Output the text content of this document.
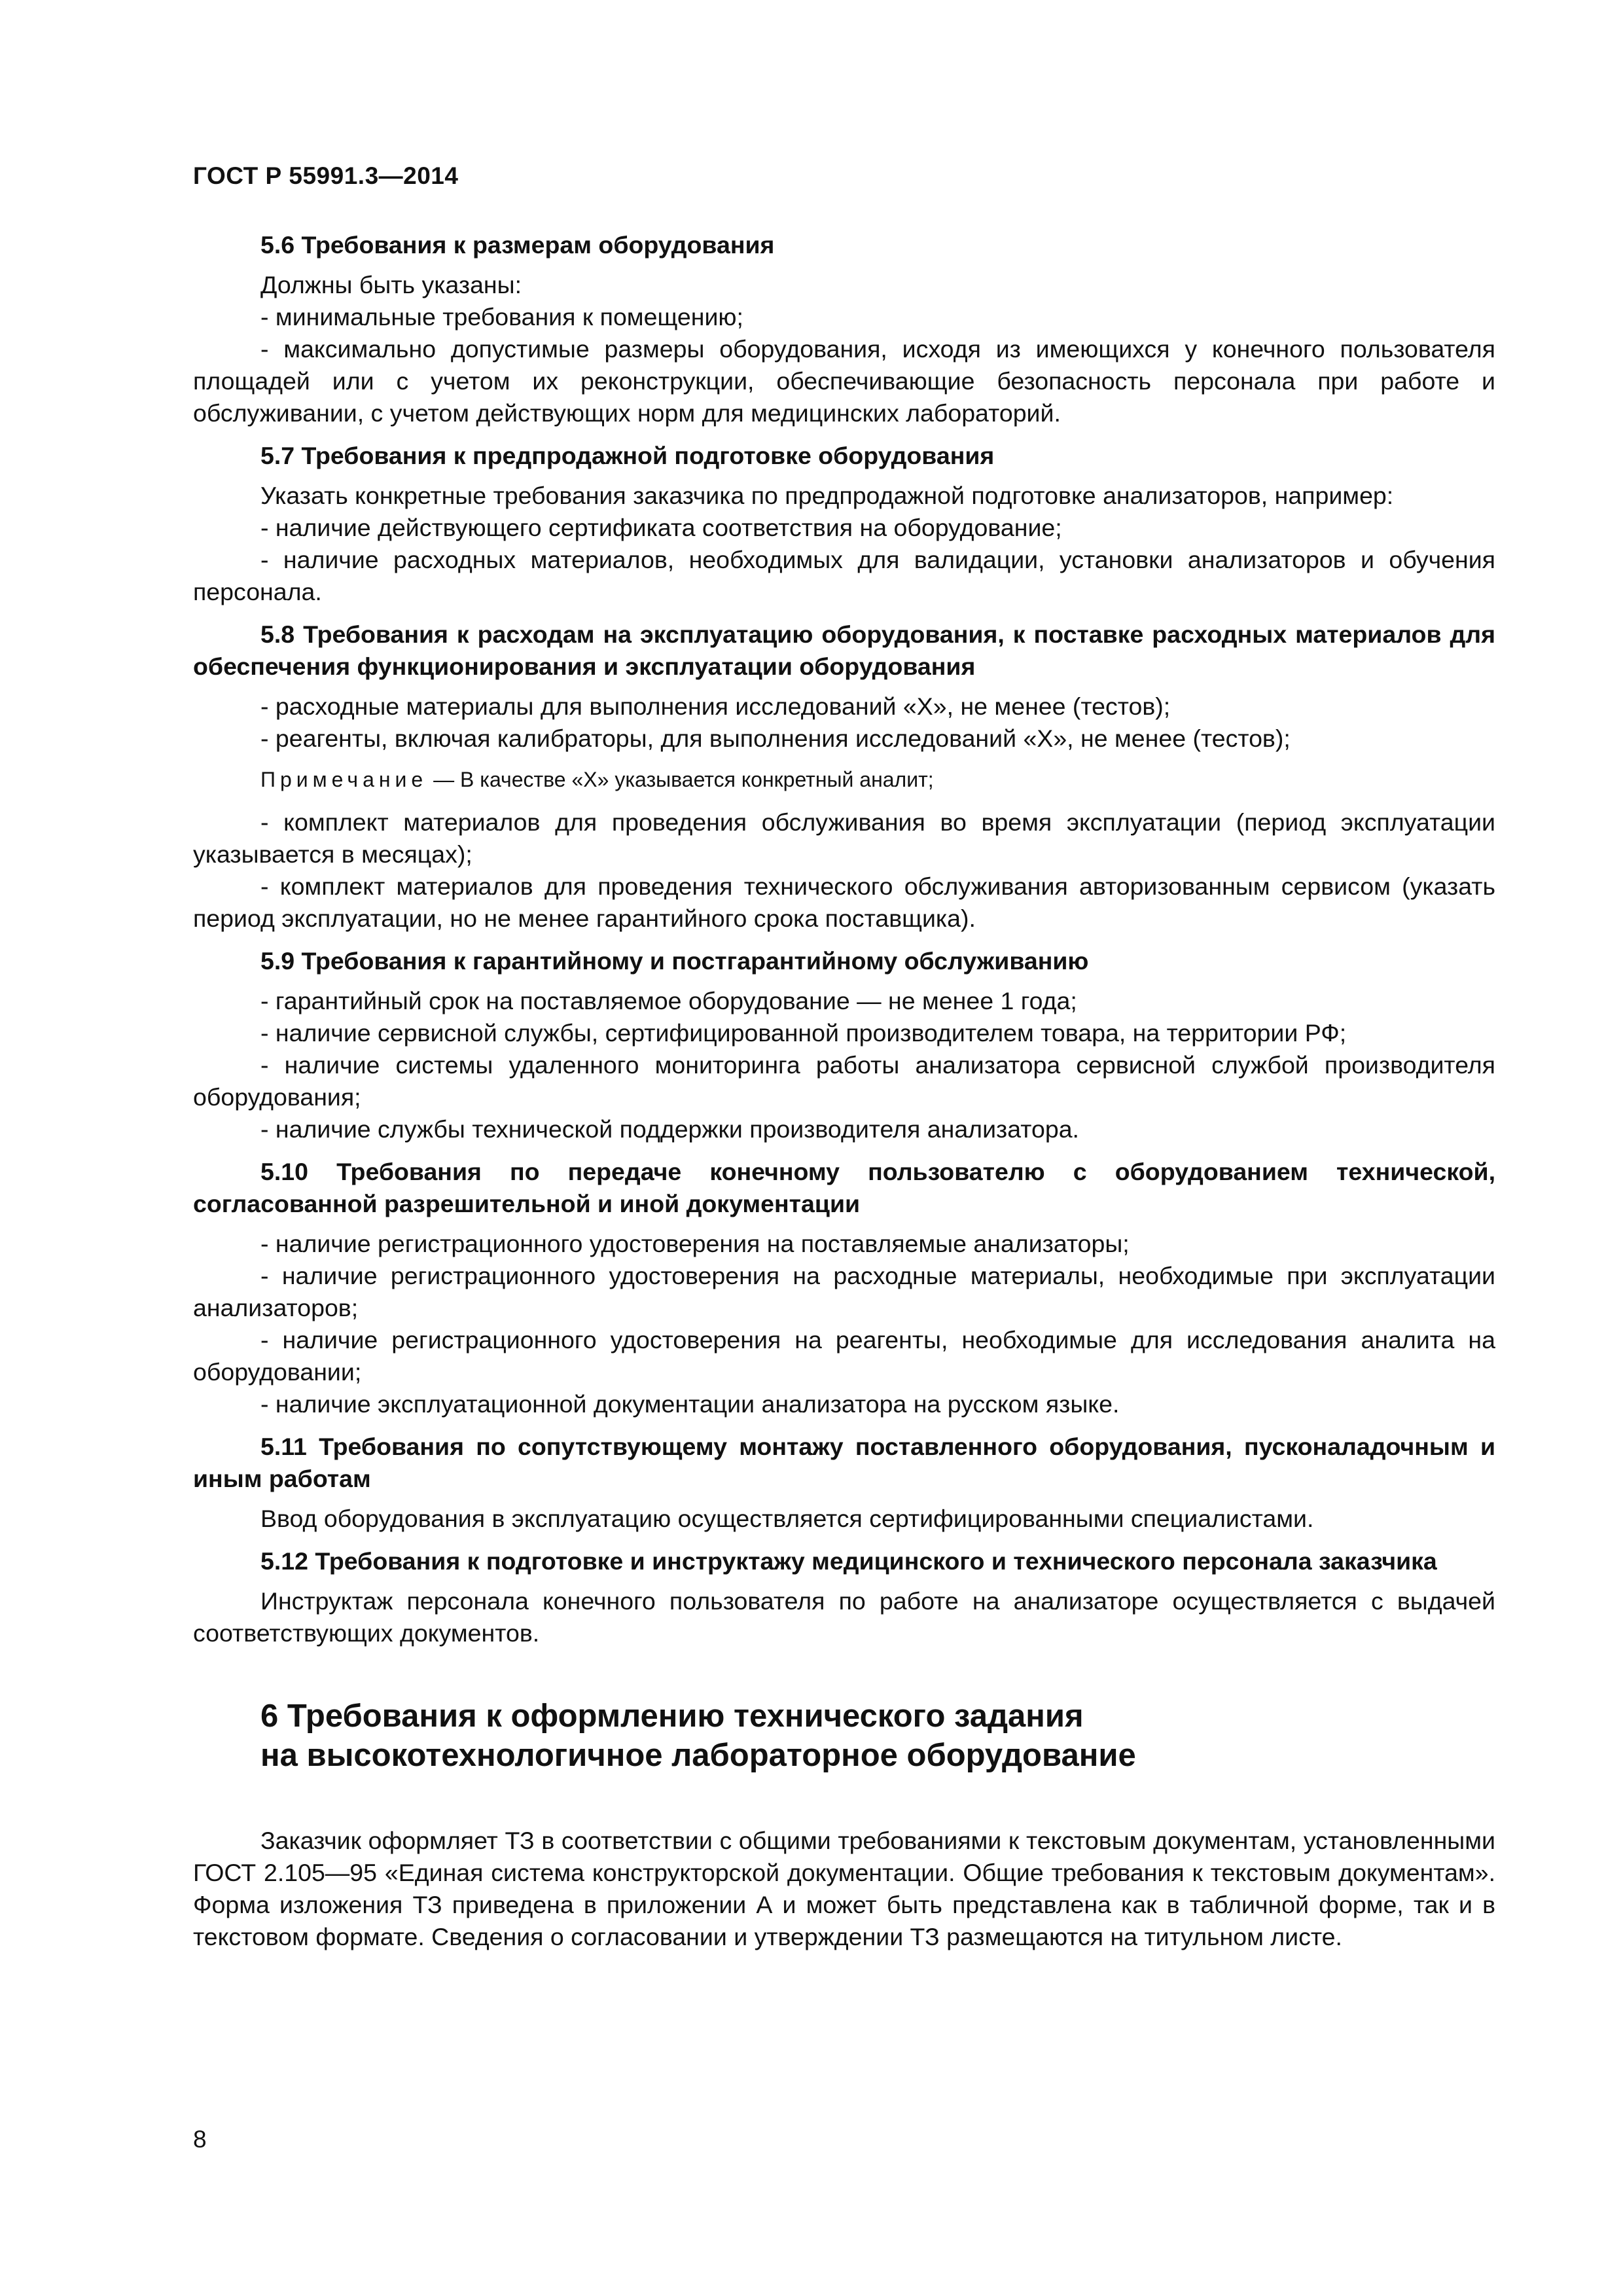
ГОСТ Р 55991.3—2014
5.6 Требования к размерам оборудования

Должны быть указаны:

- минимальные требования к помещению;

- максимально допустимые размеры оборудования, исходя из имеющихся у конечного пользователя площадей или с учетом их реконструкции, обеспечивающие безопасность персонала при работе и обслуживании, с учетом действующих норм для медицинских лабораторий.

5.7 Требования к предпродажной подготовке оборудования

Указать конкретные требования заказчика по предпродажной подготовке анализаторов, например:

- наличие действующего сертификата соответствия на оборудование;

- наличие расходных материалов, необходимых для валидации, установки анализаторов и обучения персонала.

5.8 Требования к расходам на эксплуатацию оборудования, к поставке расходных материалов для обеспечения функционирования и эксплуатации оборудования

- расходные материалы для выполнения исследований «Х», не менее (тестов);

- реагенты, включая калибраторы, для выполнения исследований «Х», не менее (тестов);

Примечание — В качестве «Х» указывается конкретный аналит;

- комплект материалов для проведения обслуживания во время эксплуатации (период эксплуатации указывается в месяцах);

- комплект материалов для проведения технического обслуживания авторизованным сервисом (указать период эксплуатации, но не менее гарантийного срока поставщика).

5.9 Требования к гарантийному и постгарантийному обслуживанию

- гарантийный срок на поставляемое оборудование — не менее 1 года;

- наличие сервисной службы, сертифицированной производителем товара, на территории РФ;

- наличие системы удаленного мониторинга работы анализатора сервисной службой производителя оборудования;

- наличие службы технической поддержки производителя анализатора.

5.10 Требования по передаче конечному пользователю с оборудованием технической, согласованной разрешительной и иной документации

- наличие регистрационного удостоверения на поставляемые анализаторы;

- наличие регистрационного удостоверения на расходные материалы, необходимые при эксплуатации анализаторов;

- наличие регистрационного удостоверения на реагенты, необходимые для исследования аналита на оборудовании;

- наличие эксплуатационной документации анализатора на русском языке.

5.11 Требования по сопутствующему монтажу поставленного оборудования, пусконаладочным и иным работам

Ввод оборудования в эксплуатацию осуществляется сертифицированными специалистами.

5.12 Требования к подготовке и инструктажу медицинского и технического персонала заказчика

Инструктаж персонала конечного пользователя по работе на анализаторе осуществляется с выдачей соответствующих документов.

6 Требования к оформлению технического задания
на высокотехнологичное лабораторное оборудование

Заказчик оформляет ТЗ в соответствии с общими требованиями к текстовым документам, установленными ГОСТ 2.105—95 «Единая система конструкторской документации. Общие требования к текстовым документам». Форма изложения ТЗ приведена в приложении А и может быть представлена как в табличной форме, так и в текстовом формате. Сведения о согласовании и утверждении ТЗ размещаются на титульном листе.

8
